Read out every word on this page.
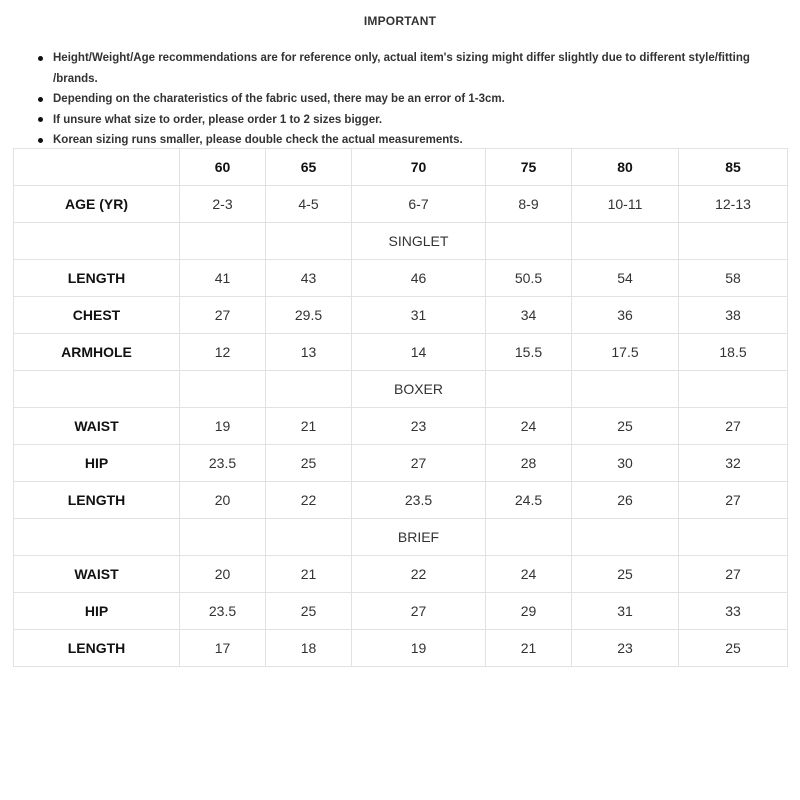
IMPORTANT
Height/Weight/Age recommendations are for reference only, actual item's sizing might differ slightly due to different style/fitting
/brands.
Depending on the charateristics of the fabric used, there may be an error of 1-3cm.
If unsure what size to order, please order 1 to 2 sizes bigger.
Korean sizing runs smaller, please double check the actual measurements.
	60	65	70	75	80	85
AGE (YR)	2-3	4-5	6-7	8-9	10-11	12-13
			SINGLET			
LENGTH	41	43	46	50.5	54	58
CHEST	27	29.5	31	34	36	38
ARMHOLE	12	13	14	15.5	17.5	18.5
			BOXER			
WAIST	19	21	23	24	25	27
HIP	23.5	25	27	28	30	32
LENGTH	20	22	23.5	24.5	26	27
			BRIEF			
WAIST	20	21	22	24	25	27
HIP	23.5	25	27	29	31	33
LENGTH	17	18	19	21	23	25
